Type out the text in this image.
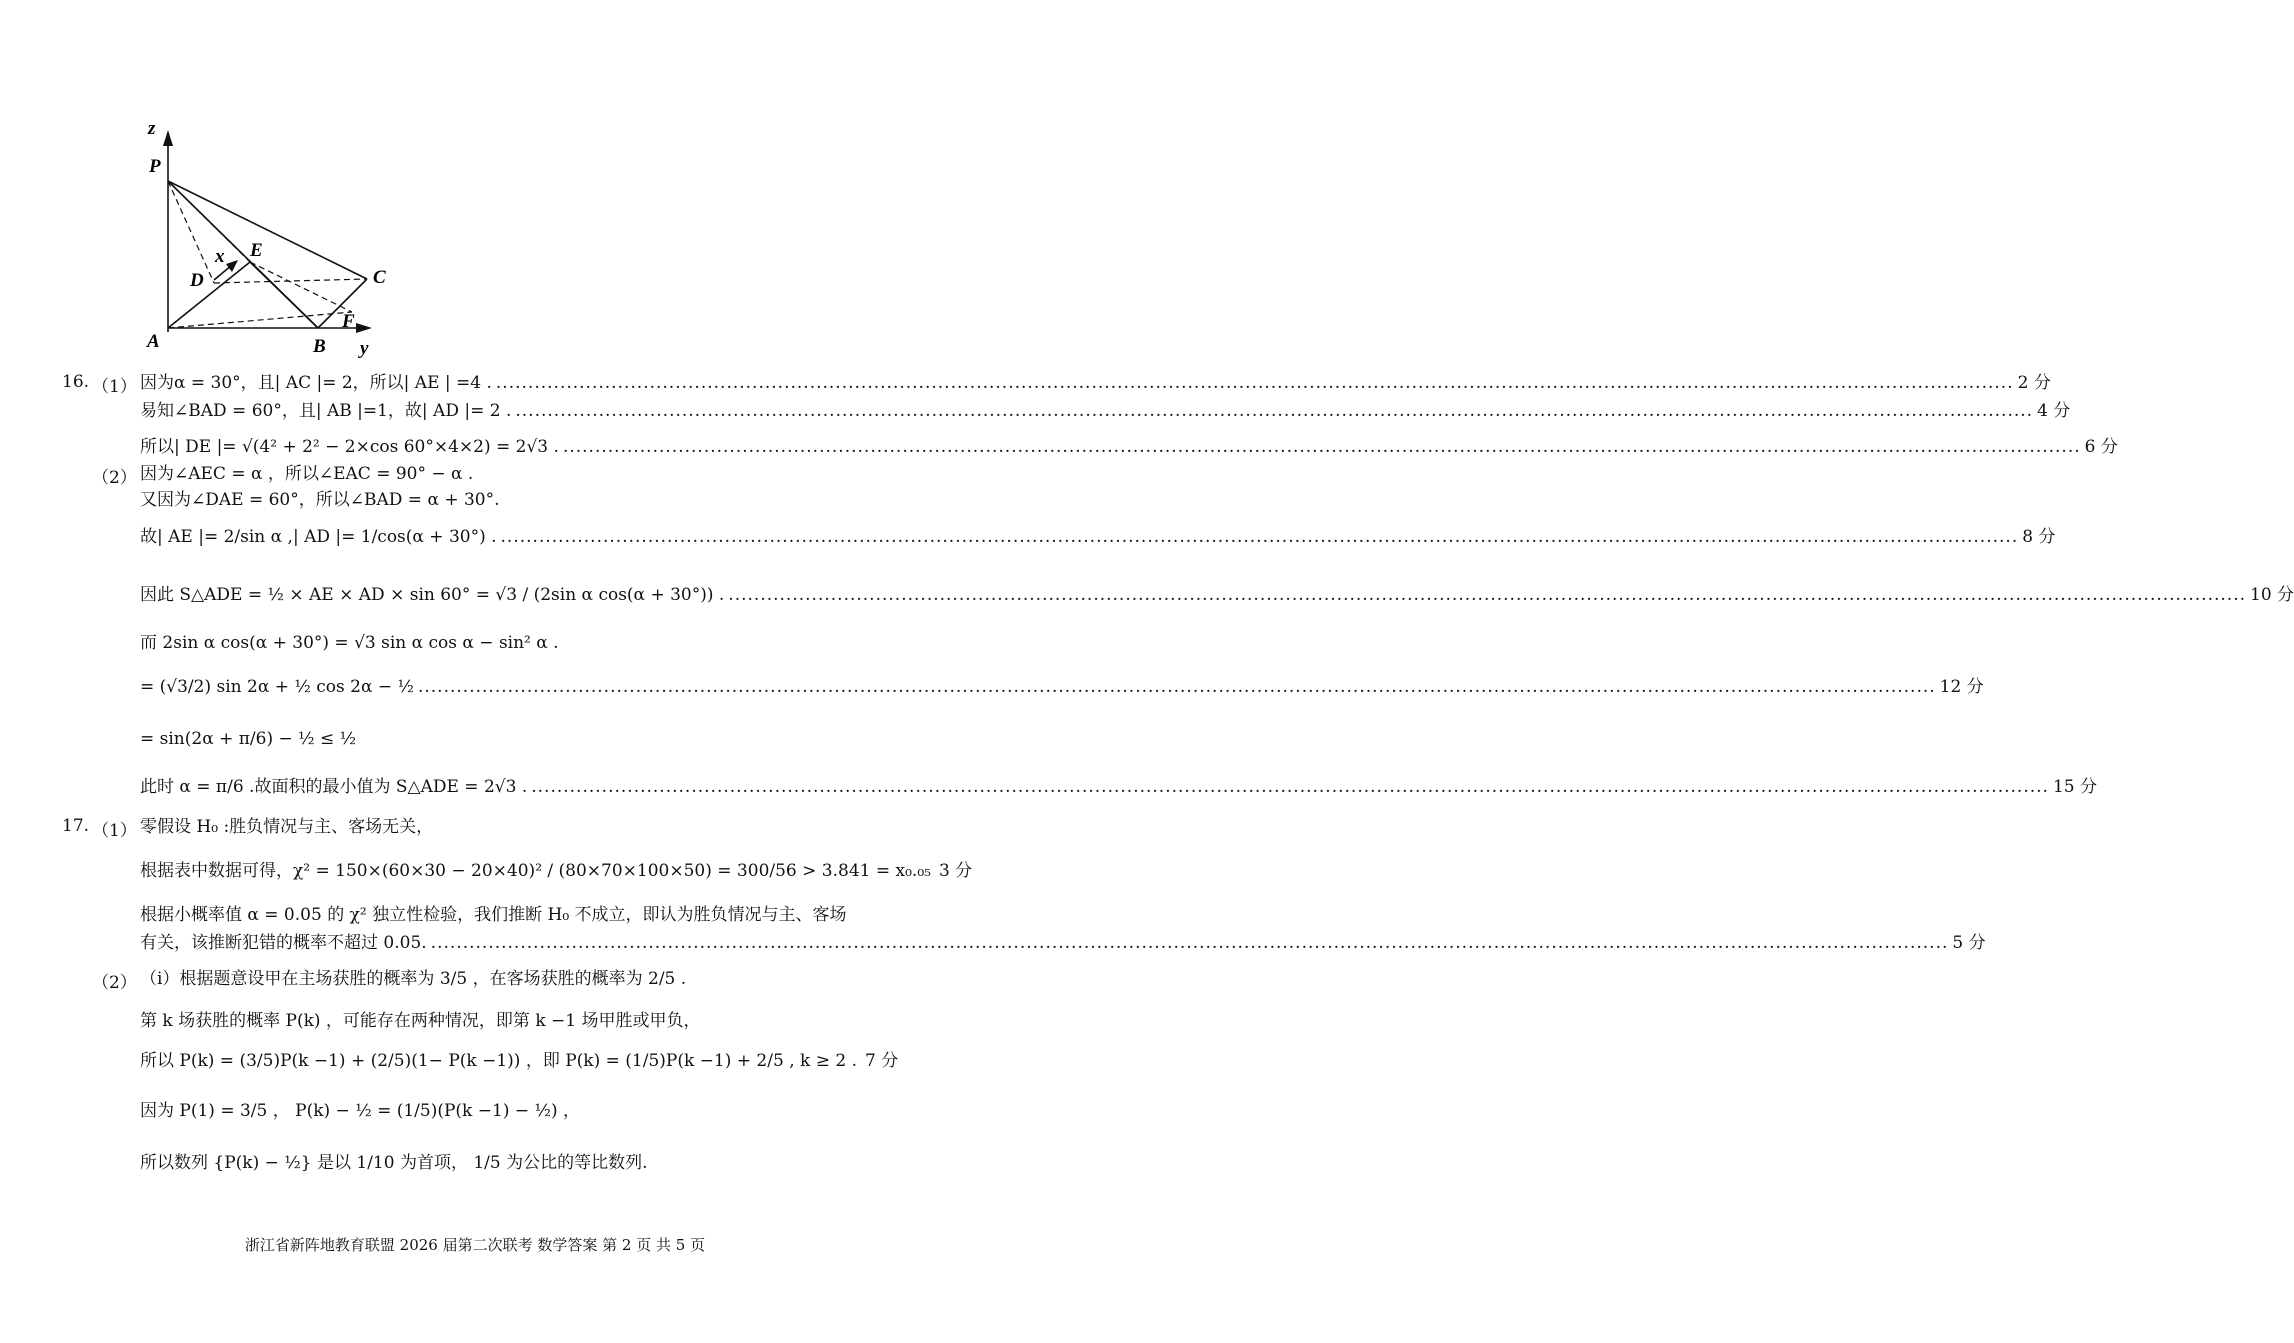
z
P
E
x
D	C
A	B y
F
16. （1） 因为α = 30°，且| AC |= 2，所以| AE | =4 . .....	2 分
易知∠BAD = 60°，且| AB |=1，故| AD |= 2 . .....	4 分
所以| DE |= √(4² + 2² − 2×cos 60°×4×2) = 2√3 . .....	6 分
（2） 因为∠AEC = α ，所以∠EAC = 90° − α .
又因为∠DAE = 60°，所以∠BAD = α + 30°.
故| AE |= 2/sin α ,| AD |= 1/cos(α + 30°) . .....	8 分
因此 S△ADE = ½ × AE × AD × sin 60° = √3 / (2sin α cos(α + 30°)) . .....	10 分
而 2sin α cos(α + 30°) = √3 sin α cos α − sin² α .
= (√3/2) sin 2α + ½ cos 2α − ½ .....	12 分
= sin(2α + π/6) − ½ ≤ ½
此时 α = π/6 .故面积的最小值为 S△ADE = 2√3 . .....	15 分
17. （1） 零假设 H₀ :胜负情况与主、客场无关，
根据表中数据可得，χ² = 150×(60×30 − 20×40)² / (80×70×100×50) = 300/56 > 3.841 = x₀.₀₅ 3 分
根据小概率值 α = 0.05 的 χ² 独立性检验，我们推断 H₀ 不成立，即认为胜负情况与主、客场
有关，该推断犯错的概率不超过 0.05. .....	5 分
（2） （i）根据题意设甲在主场获胜的概率为 3/5 ，在客场获胜的概率为 2/5 .
第 k 场获胜的概率 P(k) ，可能存在两种情况，即第 k −1 场甲胜或甲负，
所以 P(k) = (3/5)P(k −1) + (2/5)(1− P(k −1)) ，即 P(k) = (1/5)P(k −1) + 2/5 , k ≥ 2 . 7 分
因为 P(1) = 3/5 ， P(k) − ½ = (1/5)(P(k −1) − ½) ，
所以数列 {P(k) − ½} 是以 1/10 为首项， 1/5 为公比的等比数列.
浙江省新阵地教育联盟 2026 届第二次联考 数学答案 第 2 页 共 5 页
